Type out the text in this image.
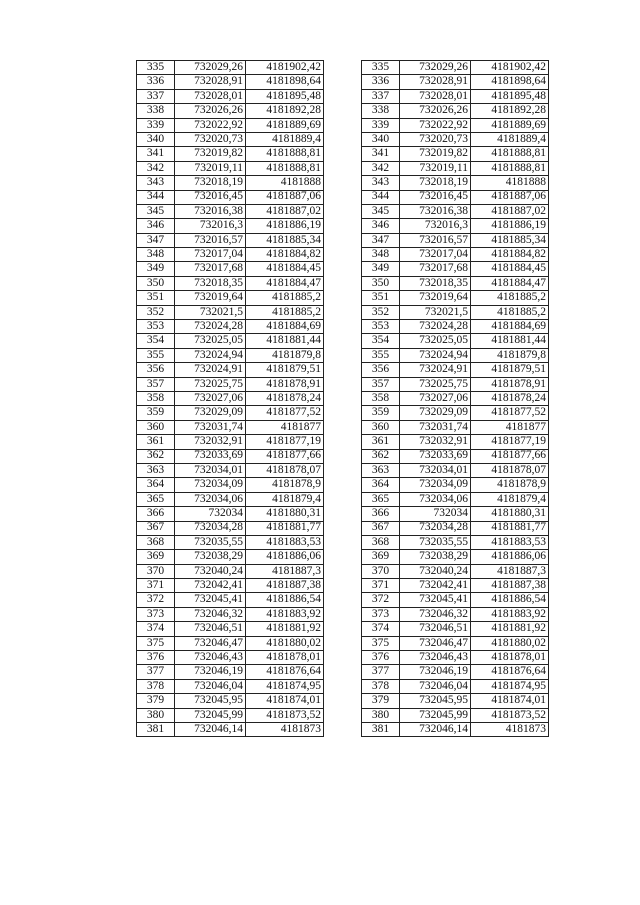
335	732029,26	4181902,42
336	732028,91	4181898,64
337	732028,01	4181895,48
338	732026,26	4181892,28
339	732022,92	4181889,69
340	732020,73	4181889,4
341	732019,82	4181888,81
342	732019,11	4181888,81
343	732018,19	4181888
344	732016,45	4181887,06
345	732016,38	4181887,02
346	732016,3	4181886,19
347	732016,57	4181885,34
348	732017,04	4181884,82
349	732017,68	4181884,45
350	732018,35	4181884,47
351	732019,64	4181885,2
352	732021,5	4181885,2
353	732024,28	4181884,69
354	732025,05	4181881,44
355	732024,94	4181879,8
356	732024,91	4181879,51
357	732025,75	4181878,91
358	732027,06	4181878,24
359	732029,09	4181877,52
360	732031,74	4181877
361	732032,91	4181877,19
362	732033,69	4181877,66
363	732034,01	4181878,07
364	732034,09	4181878,9
365	732034,06	4181879,4
366	732034	4181880,31
367	732034,28	4181881,77
368	732035,55	4181883,53
369	732038,29	4181886,06
370	732040,24	4181887,3
371	732042,41	4181887,38
372	732045,41	4181886,54
373	732046,32	4181883,92
374	732046,51	4181881,92
375	732046,47	4181880,02
376	732046,43	4181878,01
377	732046,19	4181876,64
378	732046,04	4181874,95
379	732045,95	4181874,01
380	732045,99	4181873,52
381	732046,14	4181873
335	732029,26	4181902,42
336	732028,91	4181898,64
337	732028,01	4181895,48
338	732026,26	4181892,28
339	732022,92	4181889,69
340	732020,73	4181889,4
341	732019,82	4181888,81
342	732019,11	4181888,81
343	732018,19	4181888
344	732016,45	4181887,06
345	732016,38	4181887,02
346	732016,3	4181886,19
347	732016,57	4181885,34
348	732017,04	4181884,82
349	732017,68	4181884,45
350	732018,35	4181884,47
351	732019,64	4181885,2
352	732021,5	4181885,2
353	732024,28	4181884,69
354	732025,05	4181881,44
355	732024,94	4181879,8
356	732024,91	4181879,51
357	732025,75	4181878,91
358	732027,06	4181878,24
359	732029,09	4181877,52
360	732031,74	4181877
361	732032,91	4181877,19
362	732033,69	4181877,66
363	732034,01	4181878,07
364	732034,09	4181878,9
365	732034,06	4181879,4
366	732034	4181880,31
367	732034,28	4181881,77
368	732035,55	4181883,53
369	732038,29	4181886,06
370	732040,24	4181887,3
371	732042,41	4181887,38
372	732045,41	4181886,54
373	732046,32	4181883,92
374	732046,51	4181881,92
375	732046,47	4181880,02
376	732046,43	4181878,01
377	732046,19	4181876,64
378	732046,04	4181874,95
379	732045,95	4181874,01
380	732045,99	4181873,52
381	732046,14	4181873
